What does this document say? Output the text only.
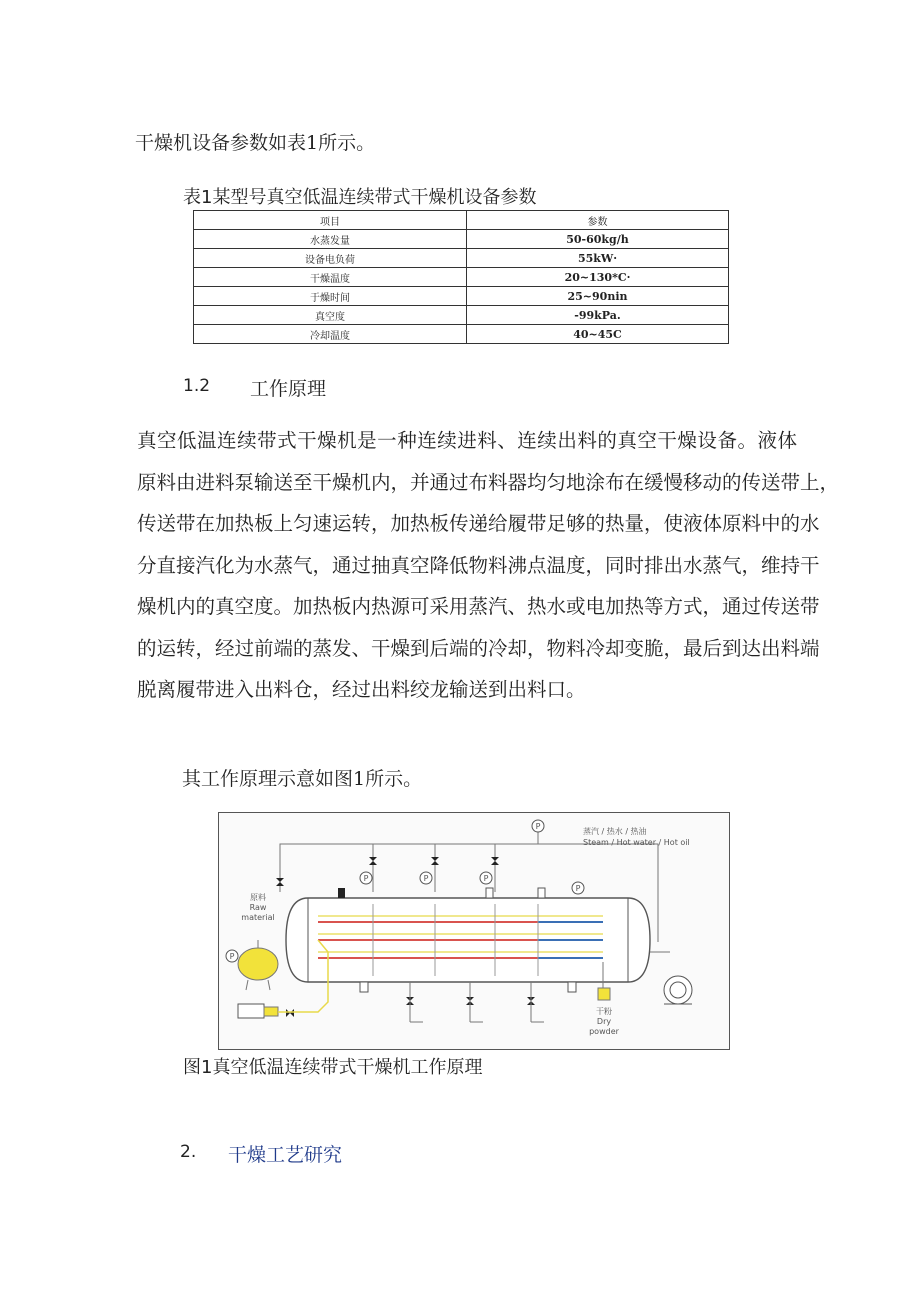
干燥机设备参数如表1所示。
表1某型号真空低温连续带式干燥机设备参数
项目	参数
水蒸发量	50-60kg/h
设备电负荷	55kW·
干燥温度	20~130*C·
于燥时间	25~90nin
真空度	-99kPa.
冷却温度	40~45C
1.2 工作原理
真空低温连续带式干燥机是一种连续进料、连续出料的真空干燥设备。液体
原料由进料泵输送至干燥机内，并通过布料器均匀地涂布在缓慢移动的传送带上，
传送带在加热板上匀速运转，加热板传递给履带足够的热量，使液体原料中的水
分直接汽化为水蒸气，通过抽真空降低物料沸点温度，同时排出水蒸气，维持干
燥机内的真空度。加热板内热源可采用蒸汽、热水或电加热等方式，通过传送带
的运转，经过前端的蒸发、干燥到后端的冷却，物料冷却变脆，最后到达出料端
脱离履带进入出料仓，经过出料绞龙输送到出料口。
其工作原理示意如图1所示。
P
P	P	P
P
P
蒸汽 / 热水 / 热油
Steam / Hot water / Hot oil
原料
Raw
material
干粉
Dry
powder
图1真空低温连续带式干燥机工作原理
2. 干燥工艺研究
